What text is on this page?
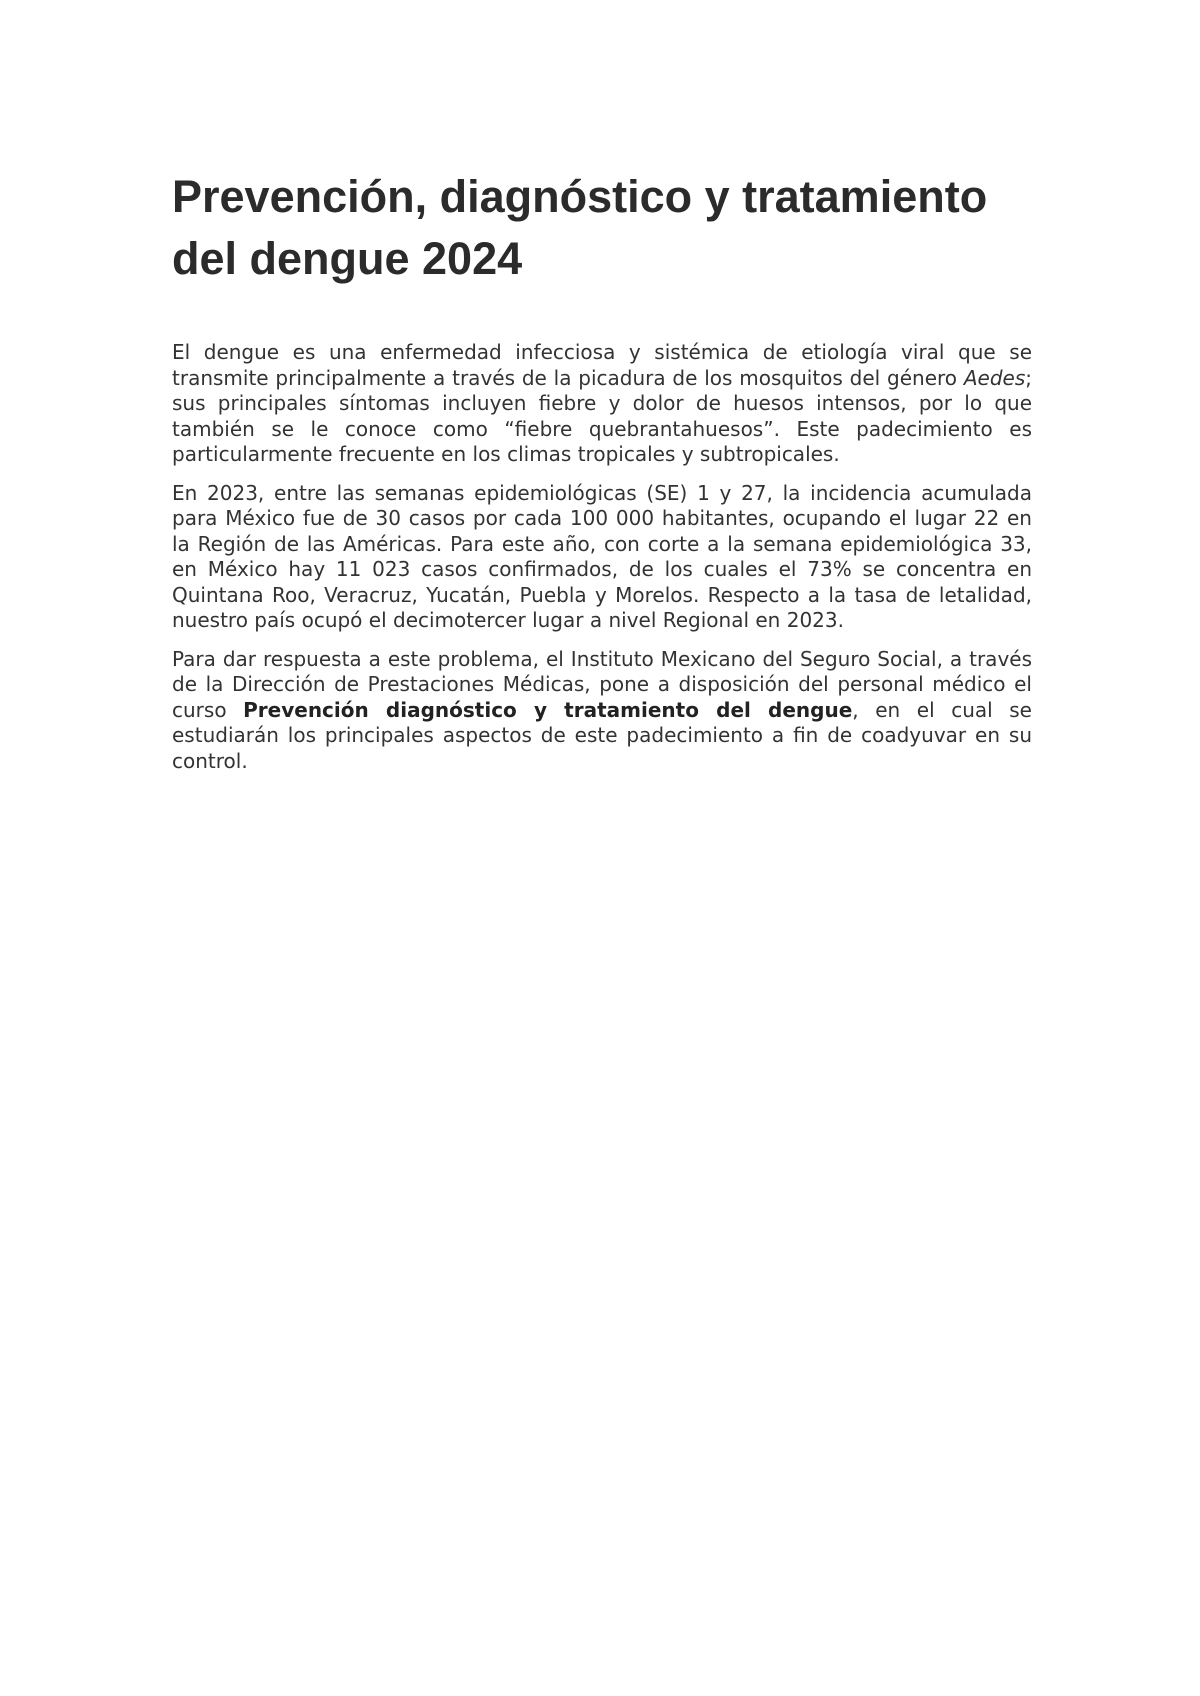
Prevención, diagnóstico y tratamiento del dengue 2024

El dengue es una enfermedad infecciosa y sistémica de etiología viral que se transmite principalmente a través de la picadura de los mosquitos del género Aedes; sus principales síntomas incluyen fiebre y dolor de huesos intensos, por lo que también se le conoce como “fiebre quebrantahuesos”. Este padecimiento es particularmente frecuente en los climas tropicales y subtropicales.

En 2023, entre las semanas epidemiológicas (SE) 1 y 27, la incidencia acumulada para México fue de 30 casos por cada 100 000 habitantes, ocupando el lugar 22 en la Región de las Américas. Para este año, con corte a la semana epidemiológica 33, en México hay 11 023 casos confirmados, de los cuales el 73% se concentra en Quintana Roo, Veracruz, Yucatán, Puebla y Morelos. Respecto a la tasa de letalidad, nuestro país ocupó el decimotercer lugar a nivel Regional en 2023.

Para dar respuesta a este problema, el Instituto Mexicano del Seguro Social, a través de la Dirección de Prestaciones Médicas, pone a disposición del personal médico el curso Prevención diagnóstico y tratamiento del dengue, en el cual se estudiarán los principales aspectos de este padecimiento a fin de coadyuvar en su control.
